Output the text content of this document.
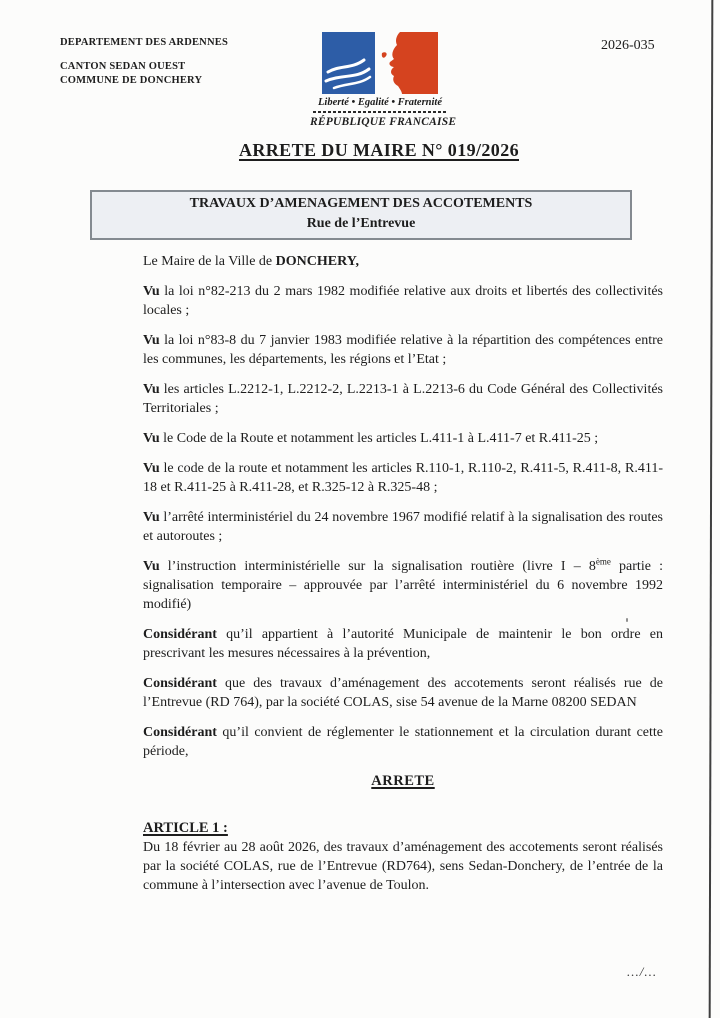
DEPARTEMENT DES ARDENNES
CANTON SEDAN OUEST
COMMUNE DE DONCHERY
2026-035
Liberté • Egalité • Fraternité
RÉPUBLIQUE FRANCAISE
ARRETE DU MAIRE N° 019/2026
TRAVAUX D’AMENAGEMENT DES ACCOTEMENTS
Rue de l’Entrevue
Le Maire de la Ville de DONCHERY,
Vu la loi n°82-213 du 2 mars 1982 modifiée relative aux droits et libertés des collectivités locales ;
Vu la loi n°83-8 du 7 janvier 1983 modifiée relative à la répartition des compétences entre les communes, les départements, les régions et l’Etat ;
Vu les articles L.2212-1, L.2212-2, L.2213-1 à L.2213-6 du Code Général des Collectivités Territoriales ;
Vu le Code de la Route et notamment les articles L.411-1 à L.411-7 et R.411-25 ;
Vu le code de la route et notamment les articles R.110-1, R.110-2, R.411-5, R.411-8, R.411-18 et R.411-25 à R.411-28, et R.325-12 à R.325-48 ;
Vu l’arrêté interministériel du 24 novembre 1967 modifié relatif à la signalisation des routes et autoroutes ;
Vu l’instruction interministérielle sur la signalisation routière (livre I – 8ème partie : signalisation temporaire – approuvée par l’arrêté interministériel du 6 novembre 1992 modifié)
Considérant qu’il appartient à l’autorité Municipale de maintenir le bon ordre en prescrivant les mesures nécessaires à la prévention,
Considérant que des travaux d’aménagement des accotements seront réalisés rue de l’Entrevue (RD 764), par la société COLAS, sise 54 avenue de la Marne 08200 SEDAN
Considérant qu’il convient de réglementer le stationnement et la circulation durant cette période,
ARRETE
ARTICLE 1 :
Du 18 février au 28 août 2026, des travaux d’aménagement des accotements seront réalisés par la société COLAS, rue de l’Entrevue (RD764), sens Sedan-Donchery, de l’entrée de la commune à l’intersection avec l’avenue de Toulon.
.../...
